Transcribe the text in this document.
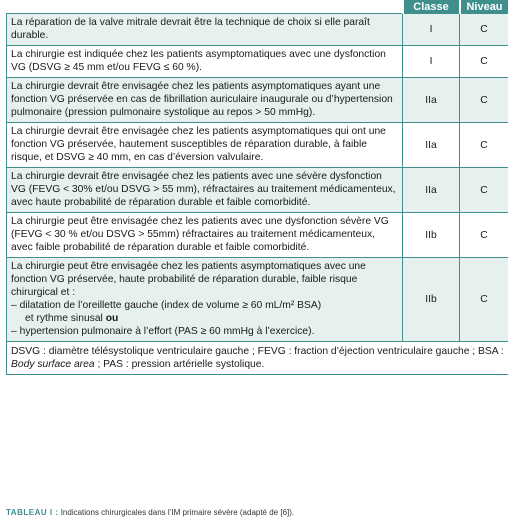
	Classe	Niveau
La réparation de la valve mitrale devrait être la technique de choix si elle paraît durable.	I	C
La chirurgie est indiquée chez les patients asymptomatiques avec une dysfonction VG (DSVG ≥ 45 mm et/ou FEVG ≤ 60 %).	I	C
La chirurgie devrait être envisagée chez les patients asymptomatiques ayant une fonction VG préservée en cas de fibrillation auriculaire inaugurale ou d’hypertension pulmonaire (pression pulmonaire systolique au repos > 50 mmHg).	IIa	C
La chirurgie devrait être envisagée chez les patients asymptomatiques qui ont une fonction VG préservée, hautement susceptibles de réparation durable, à faible risque, et DSVG ≥ 40 mm, en cas d’éversion valvulaire.	IIa	C
La chirurgie devrait être envisagée chez les patients avec une sévère dysfonction VG (FEVG < 30% et/ou DSVG > 55 mm), réfractaires au traitement médicamenteux, avec haute probabilité de réparation durable et faible comorbidité.	IIa	C
La chirurgie peut être envisagée chez les patients avec une dysfonction sévère VG (FEVG < 30 % et/ou DSVG > 55mm) réfractaires au traitement médicamenteux, avec faible probabilité de réparation durable et faible comorbidité.	IIb	C
La chirurgie peut être envisagée chez les patients asymptomatiques avec une fonction VG préservée, haute probabilité de réparation durable, faible risque chirurgical et :
– dilatation de l’oreillette gauche (index de volume ≥ 60 mL/m² BSA)
et rythme sinusal ou
– hypertension pulmonaire à l’effort (PAS ≥ 60 mmHg à l’exercice).	IIb	C
DSVG : diamètre télésystolique ventriculaire gauche ; FEVG : fraction d’éjection ventriculaire gauche ; BSA : Body surface area ; PAS : pression artérielle systolique.		
TABLEAU I : Indications chirurgicales dans l’IM primaire sévère (adapté de [6]).
